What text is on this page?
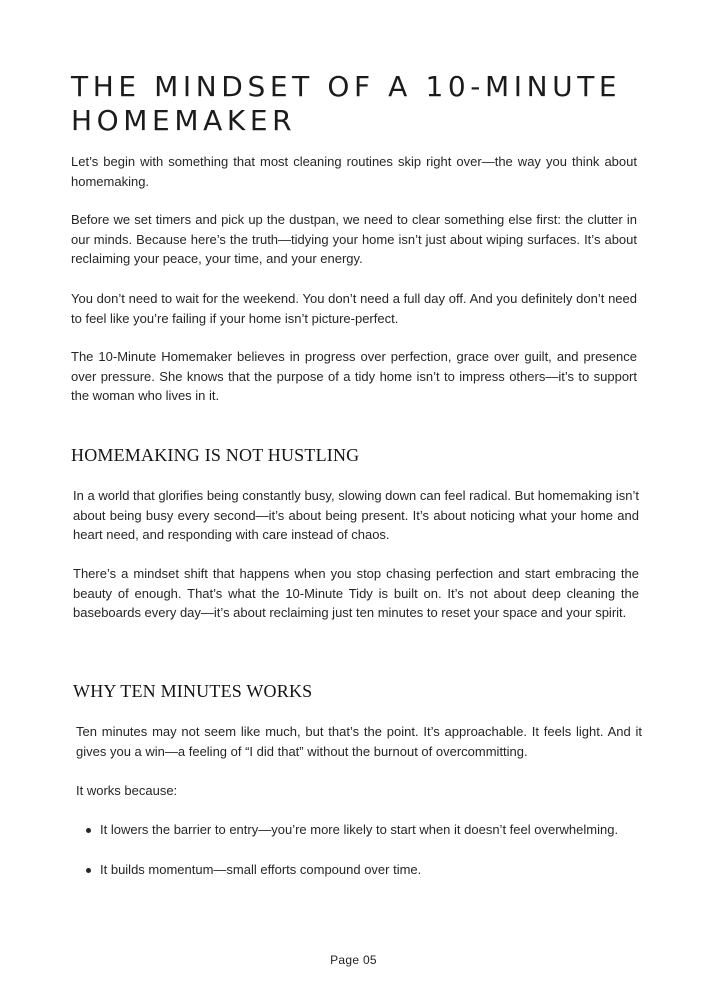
THE MINDSET OF A 10-MINUTE HOMEMAKER

Let’s begin with something that most cleaning routines skip right over—the way you think about homemaking.

Before we set timers and pick up the dustpan, we need to clear something else first: the clutter in our minds. Because here’s the truth—tidying your home isn’t just about wiping surfaces. It’s about reclaiming your peace, your time, and your energy.

You don’t need to wait for the weekend. You don’t need a full day off. And you definitely don’t need to feel like you’re failing if your home isn’t picture-perfect.

The 10-Minute Homemaker believes in progress over perfection, grace over guilt, and presence over pressure. She knows that the purpose of a tidy home isn’t to impress others—it’s to support the woman who lives in it.

HOMEMAKING IS NOT HUSTLING

In a world that glorifies being constantly busy, slowing down can feel radical. But homemaking isn’t about being busy every second—it’s about being present. It’s about noticing what your home and heart need, and responding with care instead of chaos.

There’s a mindset shift that happens when you stop chasing perfection and start embracing the beauty of enough. That’s what the 10-Minute Tidy is built on. It’s not about deep cleaning the baseboards every day—it’s about reclaiming just ten minutes to reset your space and your spirit.

WHY TEN MINUTES WORKS

Ten minutes may not seem like much, but that’s the point. It’s approachable. It feels light. And it gives you a win—a feeling of “I did that” without the burnout of overcommitting.

It works because:

It lowers the barrier to entry—you’re more likely to start when it doesn’t feel overwhelming.
It builds momentum—small efforts compound over time.
Page 05
